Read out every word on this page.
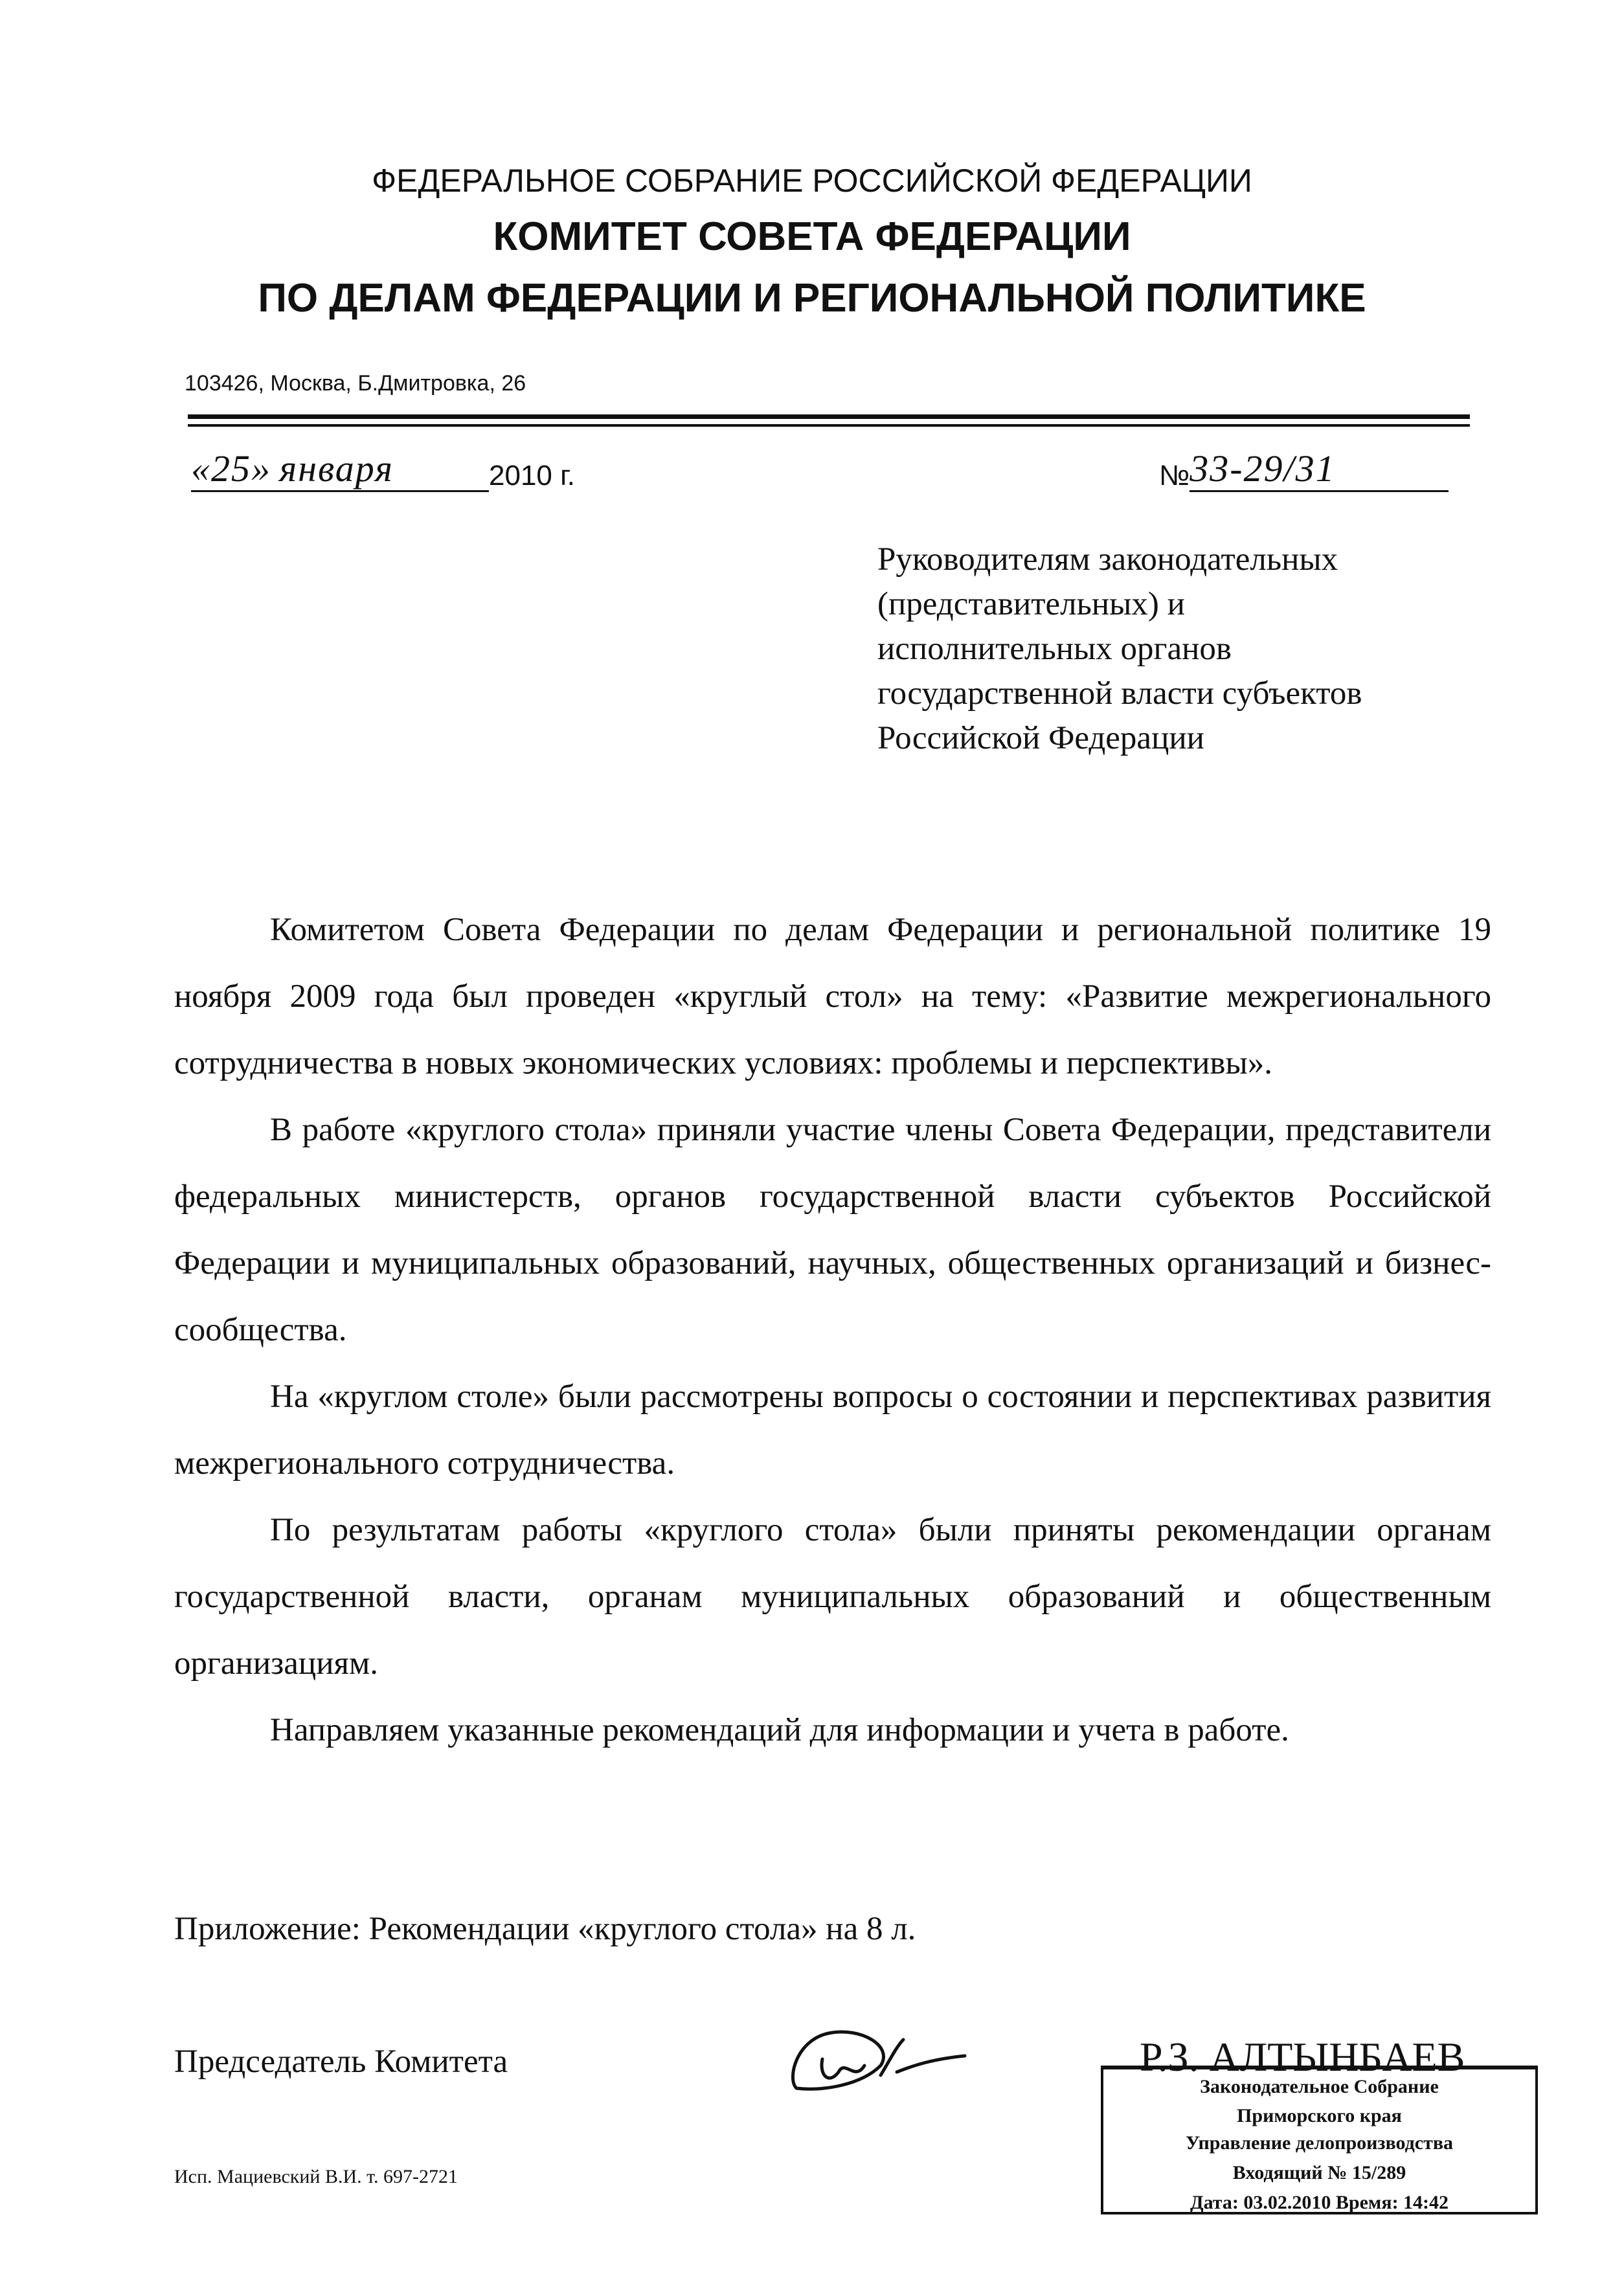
ФЕДЕРАЛЬНОЕ СОБРАНИЕ РОССИЙСКОЙ ФЕДЕРАЦИИ
КОМИТЕТ СОВЕТА ФЕДЕРАЦИИ
ПО ДЕЛАМ ФЕДЕРАЦИИ И РЕГИОНАЛЬНОЙ ПОЛИТИКЕ
103426, Москва, Б.Дмитровка, 26
«25» января	2010 г.	№ 33-29/31
Руководителям законодательных
(представительных) и
исполнительных органов
государственной власти субъектов
Российской Федерации

Комитетом Совета Федерации по делам Федерации и региональной политике 19 ноября 2009 года был проведен «круглый стол» на тему: «Развитие межрегионального сотрудничества в новых экономических условиях: проблемы и перспективы».

В работе «круглого стола» приняли участие члены Совета Федерации, представители федеральных министерств, органов государственной власти субъектов Российской Федерации и муниципальных образований, научных, общественных организаций и бизнес-сообщества.

На «круглом столе» были рассмотрены вопросы о состоянии и перспективах развития межрегионального сотрудничества.

По результатам работы «круглого стола» были приняты рекомендации органам государственной власти, органам муниципальных образований и общественным организациям.

Направляем указанные рекомендаций для информации и учета в работе.

Приложение: Рекомендации «круглого стола» на 8 л.
Председатель Комитета	Р.З. АЛТЫНБАЕВ
Законодательное Собрание
Приморского края
Управление делопроизводства
Входящий № 15/289
Дата: 03.02.2010 Время: 14:42
Исп. Мациевский В.И. т. 697-2721
